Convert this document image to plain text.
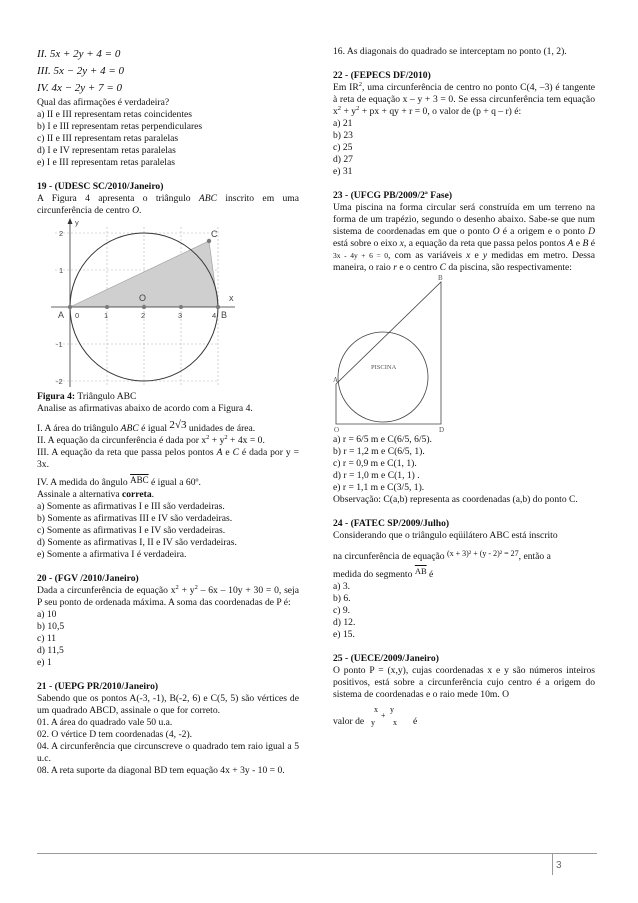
II. 5x + 2y + 4 = 0
III. 5x − 2y + 4 = 0
IV. 4x − 2y + 7 = 0
Qual das afirmações é verdadeira?
a) II e III representam retas coincidentes
b) I e III representam retas perpendiculares
c) II e III representam retas paralelas
d) I e IV representam retas paralelas
e) I e III representam retas paralelas
19 - (UDESC SC/2010/Janeiro)
A Figura 4 apresenta o triângulo ABC inscrito em uma circunferência de centro O.
y
x
C
O
A	B
0	1	2	3	4
2
1
-1
-2
Figura 4: Triângulo ABC
Analise as afirmativas abaixo de acordo com a Figura 4.
I. A área do triângulo ABC é igual 2√3 unidades de área.
II. A equação da circunferência é dada por $x^2 + y^2 + 4x = 0$.
III. A equação da reta que passa pelos pontos A e C é dada por y = 3x.
IV. A medida do ângulo $\overline{ABC}$ é igual a 60º.
Assinale a alternativa correta.
a) Somente as afirmativas I e III são verdadeiras.
b) Somente as afirmativas III e IV são verdadeiras.
c) Somente as afirmativas I e IV são verdadeiras.
d) Somente as afirmativas I, II e IV são verdadeiras.
e) Somente a afirmativa I é verdadeira.
20 - (FGV /2010/Janeiro)
Dada a circunferência de equação $x^2 + y^2 - 6x - 10y + 30 = 0$, seja P seu ponto de ordenada máxima. A soma das coordenadas de P é:
a) 10
b) 10,5
c) 11
d) 11,5
e) 1
21 - (UEPG PR/2010/Janeiro)
Sabendo que os pontos A(-3, -1), B(-2, 6) e C(5, 5) são vértices de um quadrado ABCD, assinale o que for correto.
01. A área do quadrado vale 50 u.a.
02. O vértice D tem coordenadas (4, -2).
04. A circunferência que circunscreve o quadrado tem raio igual a 5 u.c.
08. A reta suporte da diagonal BD tem equação 4x + 3y - 10 = 0.
16. As diagonais do quadrado se interceptam no ponto (1, 2).
22 - (FEPECS DF/2010)
Em $IR^2$, uma circunferência de centro no ponto C(4, –3) é tangente à reta de equação x – y + 3 = 0. Se essa circunferência tem equação $x^2 + y^2$ + px + qy + r = 0, o valor de (p + q – r) é:
a) 21
b) 23
c) 25
d) 27
e) 31
23 - (UFCG PB/2009/2ª Fase)
Uma piscina na forma circular será construída em um terreno na forma de um trapézio, segundo o desenho abaixo. Sabe-se que num sistema de coordenadas em que o ponto O é a origem e o ponto D está sobre o eixo x, a equação da reta que passa pelos pontos A e B é 3x - 4y + 6 = 0, com as variáveis x e y medidas em metro. Dessa maneira, o raio r e o centro C da piscina, são respectivamente:
B
A
O	D
PISCINA
a) r = 6/5 m e C(6/5, 6/5).
b) r = 1,2 m e C(6/5, 1).
c) r = 0,9 m e C(1, 1).
d) r = 1,0 m e C(1, 1) .
e) r = 1,1 m e C(3/5, 1).
Observação: C(a,b) representa as coordenadas (a,b) do ponto C.
24 - (FATEC SP/2009/Julho)
Considerando que o triângulo eqüilátero ABC está inscrito
na circunferência de equação $^{(x + 3)^2 + (y - 2)^2 = 27}$, então a
medida do segmento $\overline{AB}$ é
a) 3.
b) 6.
c) 9.
d) 12.
e) 15.
25 - (UECE/2009/Janeiro)
O ponto P = (x,y), cujas coordenadas x e y são números inteiros positivos, está sobre a circunferência cujo centro é a origem do sistema de coordenadas e o raio mede 10m. O
valor de
x
y
+
y
x é
3
